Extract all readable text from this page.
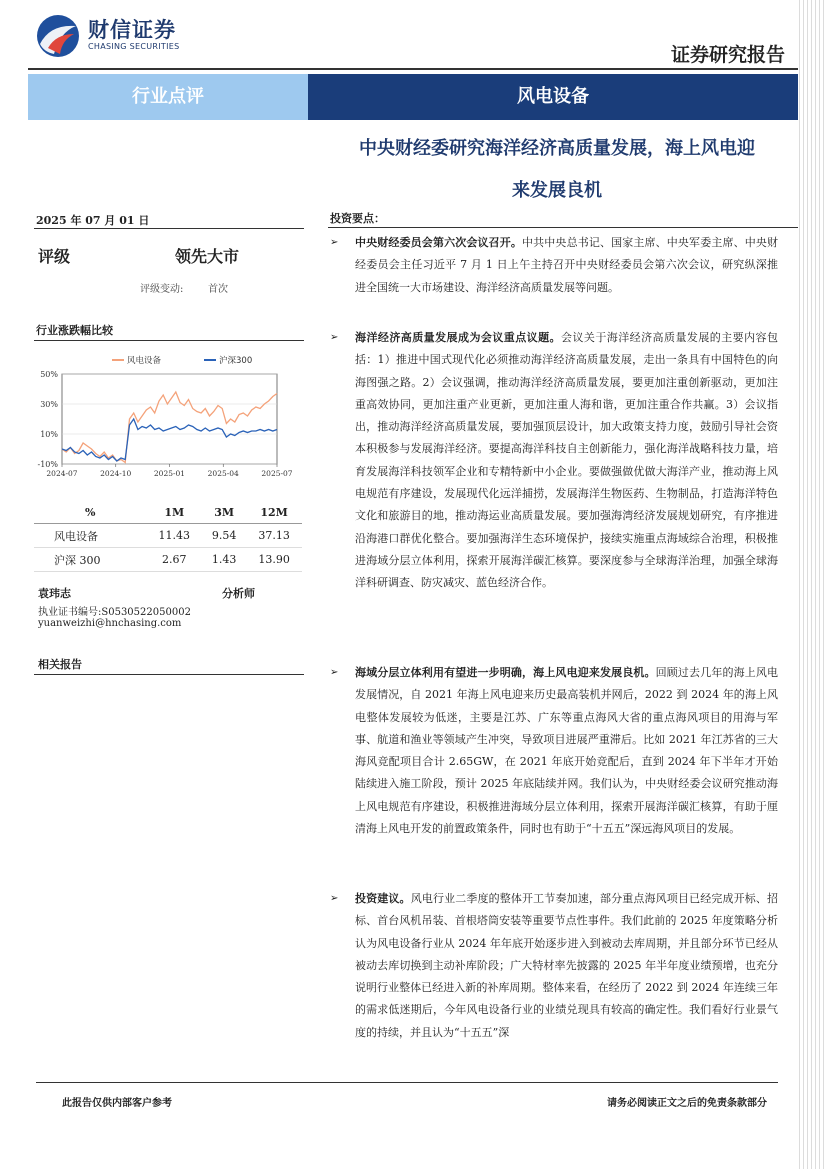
财信证券
CHASING SECURITIES	证券研究报告
行业点评	风电设备
中央财经委研究海洋经济高质量发展，海上风电迎
来发展良机
2025 年 07 月 01 日
评级	领先大市
评级变动: 首次
行业涨跌幅比较
50%
30%
10%
-10%
2024-07	2024-10	2025-01	2025-04	2025-07
风电设备	沪深300
%	1M	3M	12M
风电设备	11.43	9.54	37.13
沪深 300	2.67	1.43	13.90
袁玮志	分析师
执业证书编号:S0530522050002
yuanweizhi@hnchasing.com
相关报告
投资要点：
➢ 中央财经委员会第六次会议召开。中共中央总书记、国家主席、中央军委主席、中央财经委员会主任习近平 7 月 1 日上午主持召开中央财经委员会第六次会议，研究纵深推进全国统一大市场建设、海洋经济高质量发展等问题。
➢ 海洋经济高质量发展成为会议重点议题。会议关于海洋经济高质量发展的主要内容包括：1）推进中国式现代化必须推动海洋经济高质量发展，走出一条具有中国特色的向海图强之路。2）会议强调，推动海洋经济高质量发展，要更加注重创新驱动，更加注重高效协同，更加注重产业更新，更加注重人海和谐，更加注重合作共赢。3）会议指出，推动海洋经济高质量发展，要加强顶层设计，加大政策支持力度，鼓励引导社会资本积极参与发展海洋经济。要提高海洋科技自主创新能力，强化海洋战略科技力量，培育发展海洋科技领军企业和专精特新中小企业。要做强做优做大海洋产业，推动海上风电规范有序建设，发展现代化远洋捕捞，发展海洋生物医药、生物制品，打造海洋特色文化和旅游目的地，推动海运业高质量发展。要加强海湾经济发展规划研究，有序推进沿海港口群优化整合。要加强海洋生态环境保护，接续实施重点海域综合治理，积极推进海域分层立体利用，探索开展海洋碳汇核算。要深度参与全球海洋治理，加强全球海洋科研调查、防灾减灾、蓝色经济合作。
➢ 海域分层立体利用有望进一步明确，海上风电迎来发展良机。回顾过去几年的海上风电发展情况，自 2021 年海上风电迎来历史最高装机并网后，2022 到 2024 年的海上风电整体发展较为低迷，主要是江苏、广东等重点海风大省的重点海风项目的用海与军事、航道和渔业等领域产生冲突，导致项目进展严重滞后。比如 2021 年江苏省的三大海风竞配项目合计 2.65GW，在 2021 年底开始竞配后，直到 2024 年下半年才开始陆续进入施工阶段，预计 2025 年底陆续并网。我们认为，中央财经委会议研究推动海上风电规范有序建设，积极推进海域分层立体利用，探索开展海洋碳汇核算，有助于厘清海上风电开发的前置政策条件，同时也有助于“十五五”深远海风项目的发展。
➢ 投资建议。风电行业二季度的整体开工节奏加速，部分重点海风项目已经完成开标、招标、首台风机吊装、首根塔筒安装等重要节点性事件。我们此前的 2025 年度策略分析认为风电设备行业从 2024 年年底开始逐步进入到被动去库周期，并且部分环节已经从被动去库切换到主动补库阶段；广大特材率先披露的 2025 年半年度业绩预增，也充分说明行业整体已经进入新的补库周期。整体来看，在经历了 2022 到 2024 年连续三年的需求低迷期后，今年风电设备行业的业绩兑现具有较高的确定性。我们看好行业景气度的持续，并且认为“十五五”深
此报告仅供内部客户参考	请务必阅读正文之后的免责条款部分
